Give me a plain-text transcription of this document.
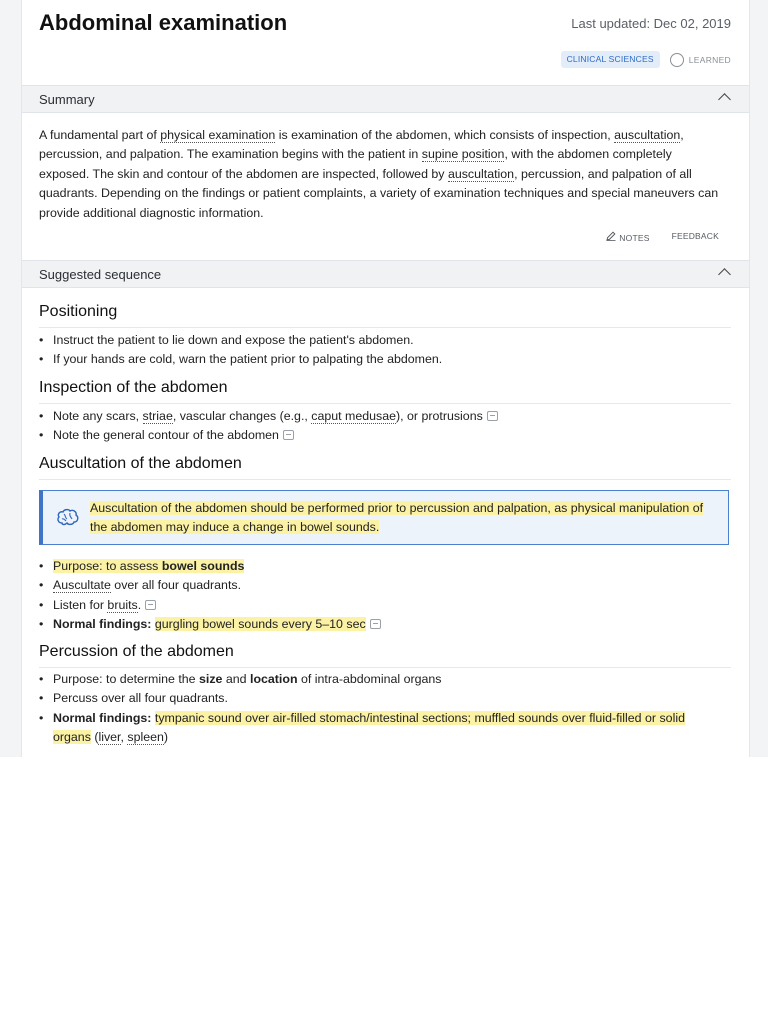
Abdominal examination	Last updated: Dec 02, 2019
CLINICAL SCIENCES	LEARNED
Summary

A fundamental part of physical examination is examination of the abdomen, which consists of inspection, auscultation, percussion, and palpation. The examination begins with the patient in supine position, with the abdomen completely exposed. The skin and contour of the abdomen are inspected, followed by auscultation, percussion, and palpation of all quadrants. Depending on the findings or patient complaints, a variety of examination techniques and special maneuvers can provide additional diagnostic information.

NOTES	FEEDBACK
Suggested sequence
Positioning
• Instruct the patient to lie down and expose the patient's abdomen.
• If your hands are cold, warn the patient prior to palpating the abdomen.
Inspection of the abdomen
• Note any scars, striae, vascular changes (e.g., caput medusae), or protrusions
• Note the general contour of the abdomen
Auscultation of the abdomen

Auscultation of the abdomen should be performed prior to percussion and palpation, as physical manipulation of the abdomen may induce a change in bowel sounds.

• Purpose: to assess bowel sounds
• Auscultate over all four quadrants.
• Listen for bruits.
• Normal findings: gurgling bowel sounds every 5–10 sec
Percussion of the abdomen
• Purpose: to determine the size and location of intra-abdominal organs
• Percuss over all four quadrants.
• Normal findings: tympanic sound over air-filled stomach/intestinal sections; muffled sounds over fluid-filled or solid organs (liver, spleen)
